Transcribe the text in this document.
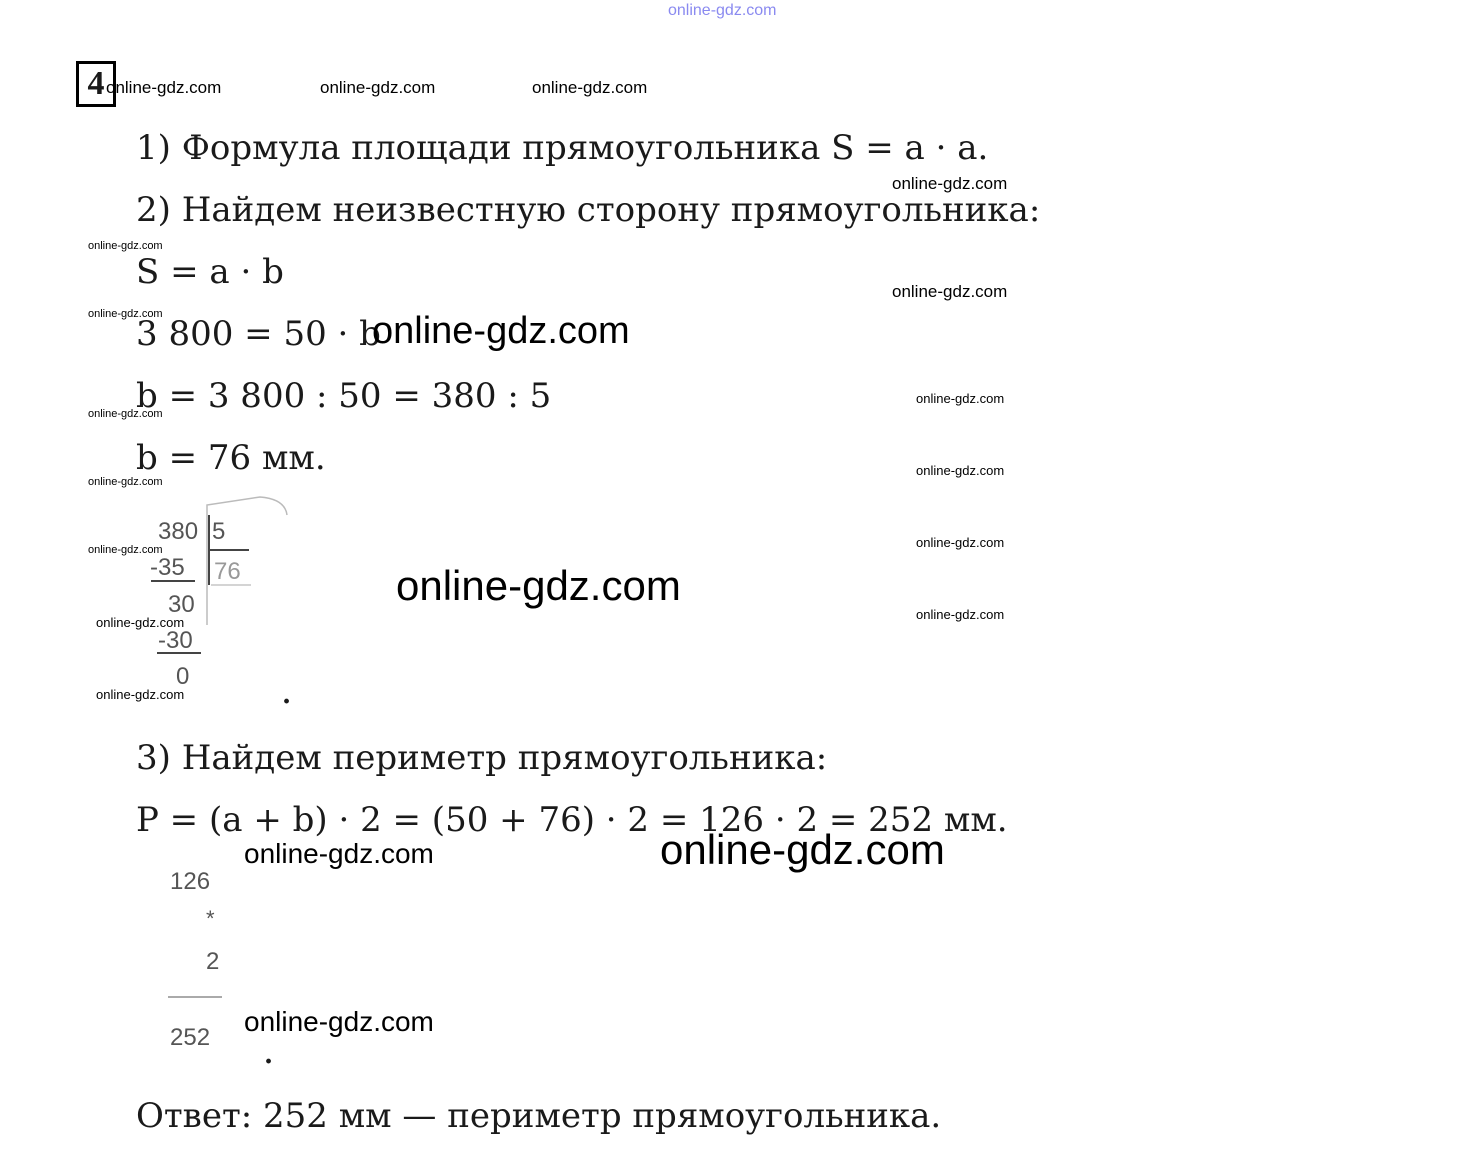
online-gdz.com
4 online-gdz.com	online-gdz.com	online-gdz.com
1) Формула площади прямоугольника S = a · a.
2) Найдем неизвестную сторону прямоугольника:
S = a · b
3 800 = 50 · b
b = 3 800 : 50 = 380 : 5
b = 76 мм.
online-gdz.com
online-gdz.com
online-gdz.com
online-gdz.com
online-gdz.com
online-gdz.com
online-gdz.com
online-gdz.com
online-gdz.com
online-gdz.com
online-gdz.com
online-gdz.com
online-gdz.com
online-gdz.com
380 5
-35 76
30
-30
0
online-gdz.com
.
3) Найдем периметр прямоугольника:
P = (a + b) · 2 = (50 + 76) · 2 = 126 · 2 = 252 мм.
online-gdz.com	online-gdz.com
126
*
2
252
online-gdz.com
.
Ответ: 252 мм — периметр прямоугольника.
